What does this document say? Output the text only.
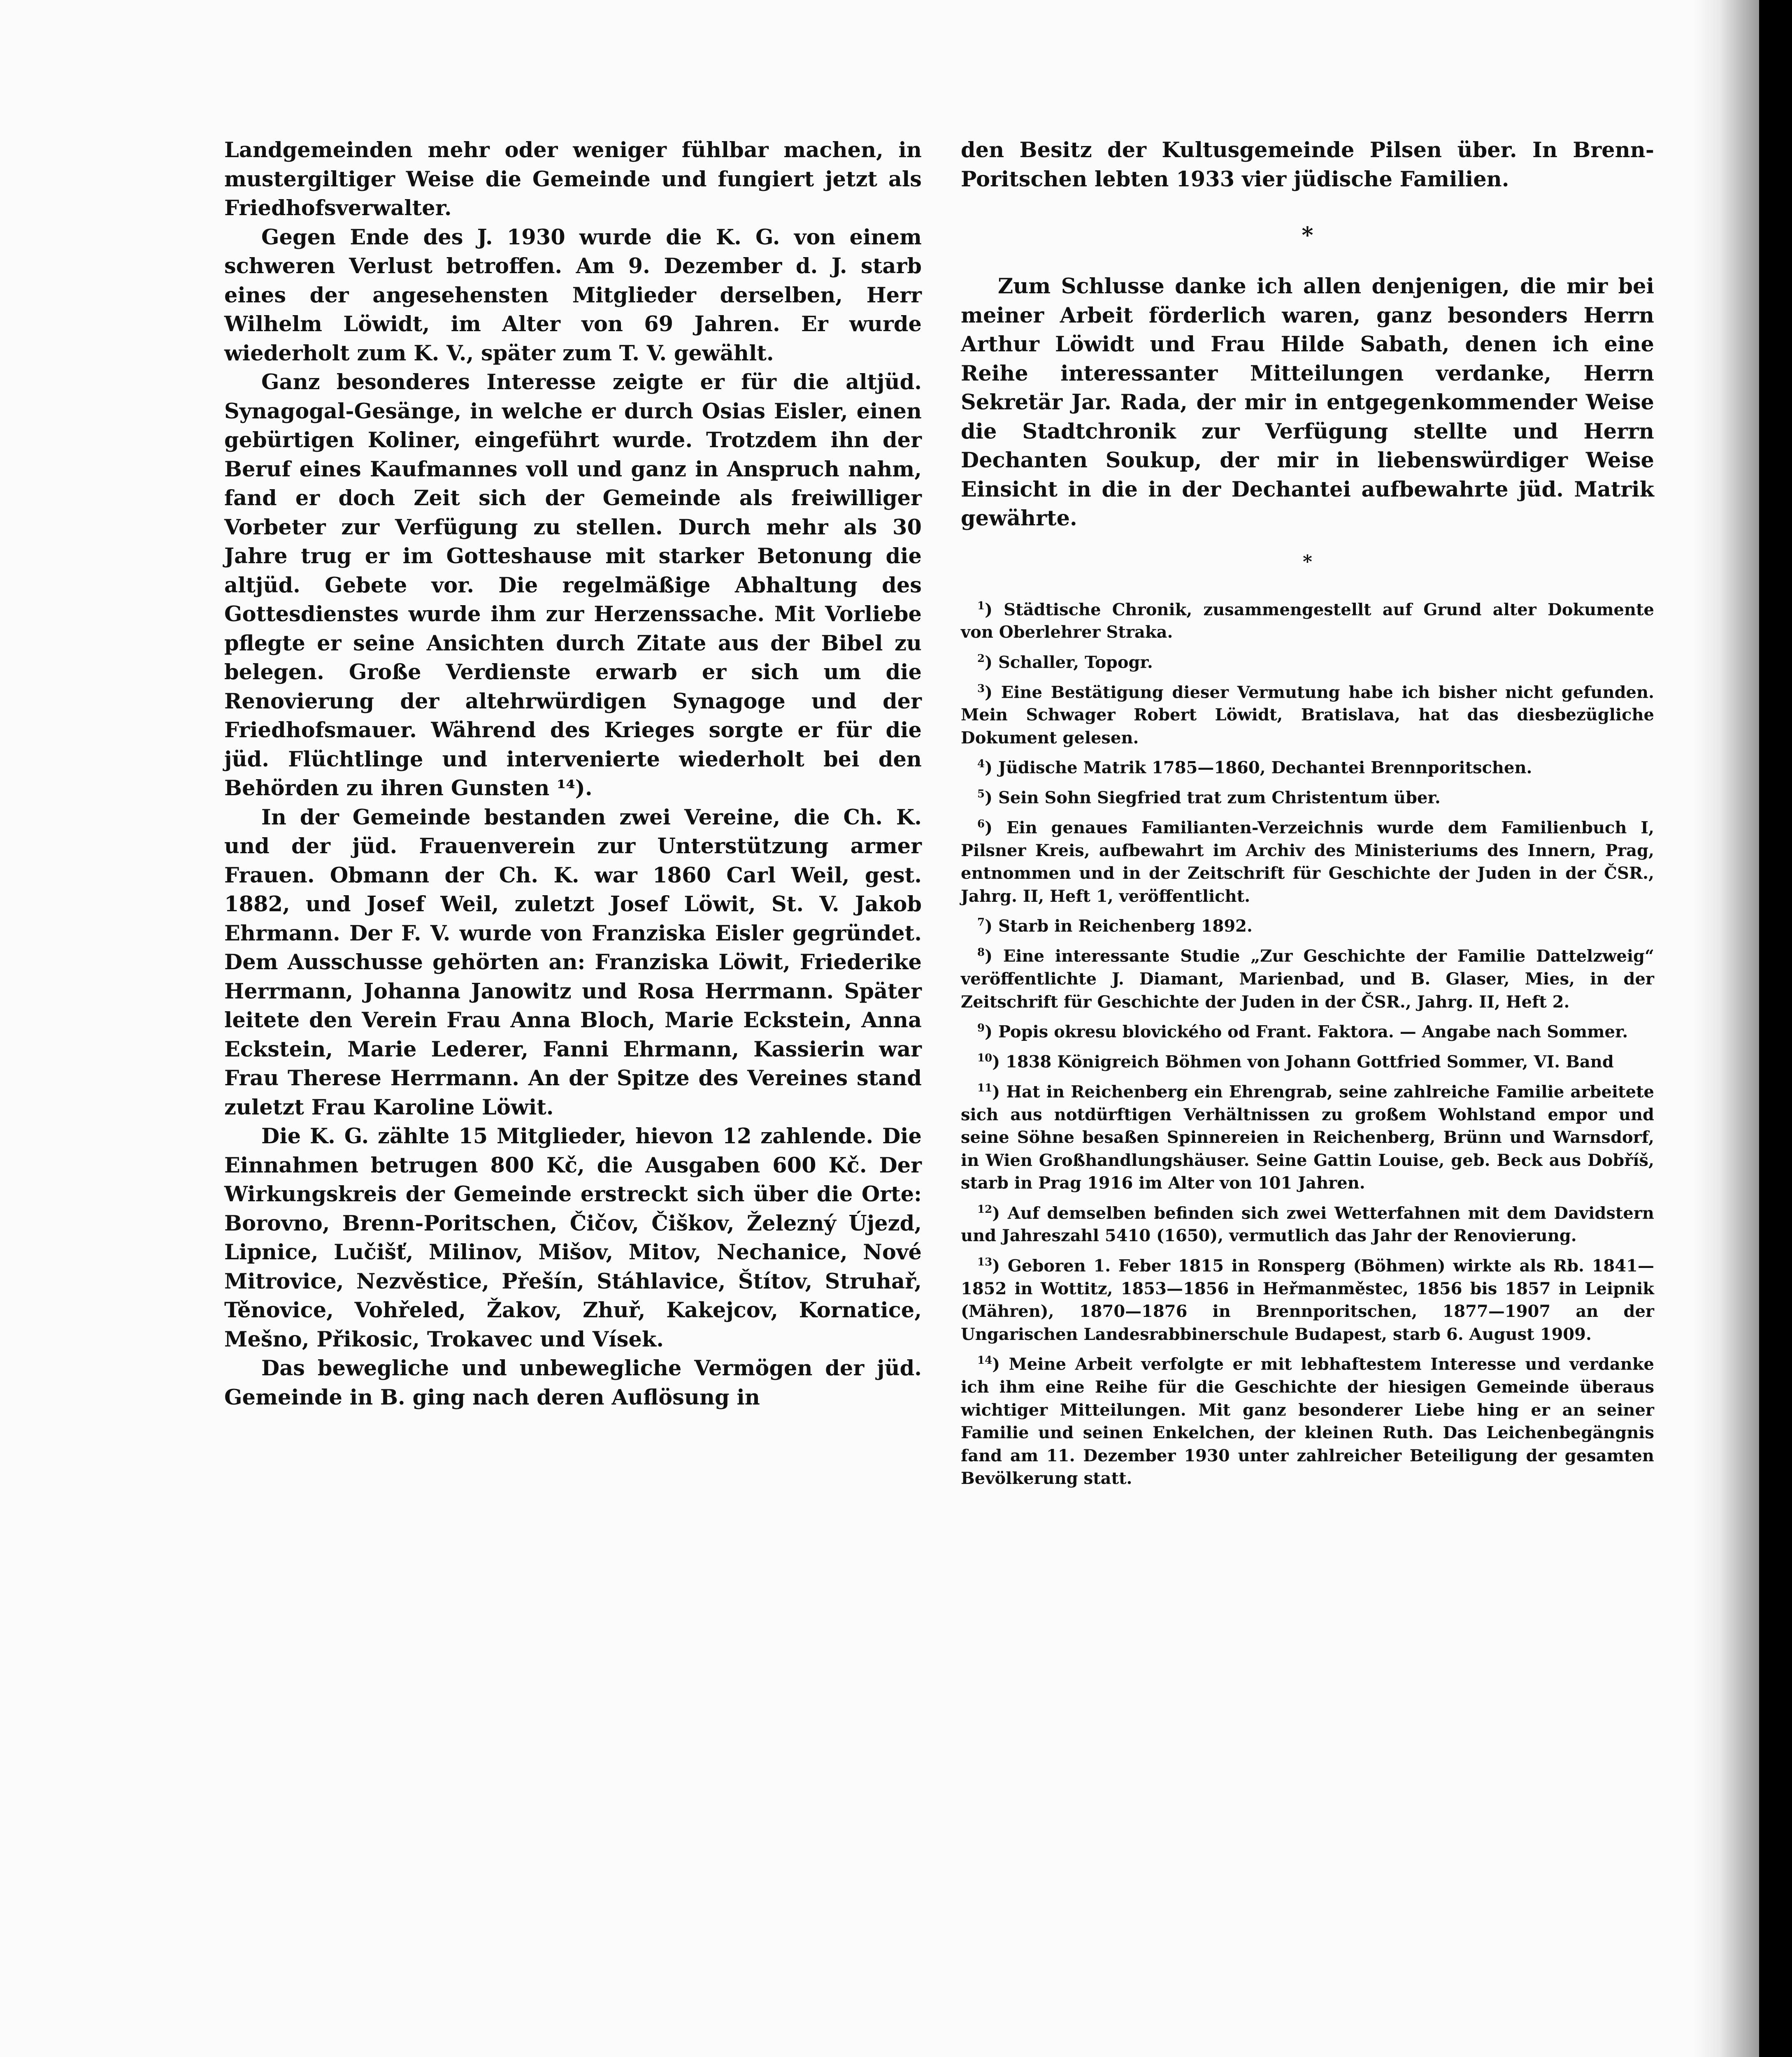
Landgemeinden mehr oder weniger fühlbar machen, in mustergiltiger Weise die Gemeinde und fungiert jetzt als Friedhofsverwalter.

Gegen Ende des J. 1930 wurde die K. G. von einem schweren Verlust betroffen. Am 9. Dezember d. J. starb eines der angesehensten Mitglieder derselben, Herr Wilhelm Löwidt, im Alter von 69 Jahren. Er wurde wiederholt zum K. V., später zum T. V. gewählt.

Ganz besonderes Interesse zeigte er für die altjüd. Synagogal-Gesänge, in welche er durch Osias Eisler, einen gebürtigen Koliner, eingeführt wurde. Trotzdem ihn der Beruf eines Kaufmannes voll und ganz in Anspruch nahm, fand er doch Zeit sich der Gemeinde als freiwilliger Vorbeter zur Verfügung zu stellen. Durch mehr als 30 Jahre trug er im Gotteshause mit starker Betonung die altjüd. Gebete vor. Die regelmäßige Abhaltung des Gottesdienstes wurde ihm zur Herzenssache. Mit Vorliebe pflegte er seine Ansichten durch Zitate aus der Bibel zu belegen. Große Verdienste erwarb er sich um die Renovierung der altehrwürdigen Synagoge und der Friedhofsmauer. Während des Krieges sorgte er für die jüd. Flüchtlinge und intervenierte wiederholt bei den Behörden zu ihren Gunsten ¹⁴).

In der Gemeinde bestanden zwei Vereine, die Ch. K. und der jüd. Frauenverein zur Unterstützung armer Frauen. Obmann der Ch. K. war 1860 Carl Weil, gest. 1882, und Josef Weil, zuletzt Josef Löwit, St. V. Jakob Ehrmann. Der F. V. wurde von Franziska Eisler gegründet. Dem Ausschusse gehörten an: Franziska Löwit, Friederike Herrmann, Johanna Janowitz und Rosa Herrmann. Später leitete den Verein Frau Anna Bloch, Marie Eckstein, Anna Eckstein, Marie Lederer, Fanni Ehrmann, Kassierin war Frau Therese Herrmann. An der Spitze des Vereines stand zuletzt Frau Karoline Löwit.

Die K. G. zählte 15 Mitglieder, hievon 12 zahlende. Die Einnahmen betrugen 800 Kč, die Ausgaben 600 Kč. Der Wirkungskreis der Gemeinde erstreckt sich über die Orte: Borovno, Brenn-Poritschen, Čičov, Čiškov, Železný Újezd, Lipnice, Lučišť, Milinov, Mišov, Mitov, Nechanice, Nové Mitrovice, Nezvěstice, Přešín, Stáhlavice, Štítov, Struhař, Těnovice, Vohřeled, Žakov, Zhuř, Kakejcov, Kornatice, Mešno, Přikosic, Trokavec und Vísek.

Das bewegliche und unbewegliche Vermögen der jüd. Gemeinde in B. ging nach deren Auflösung in

den Besitz der Kultusgemeinde Pilsen über. In Brenn-Poritschen lebten 1933 vier jüdische Familien.

*

Zum Schlusse danke ich allen denjenigen, die mir bei meiner Arbeit förderlich waren, ganz besonders Herrn Arthur Löwidt und Frau Hilde Sabath, denen ich eine Reihe interessanter Mitteilungen verdanke, Herrn Sekretär Jar. Rada, der mir in entgegenkommender Weise die Stadtchronik zur Verfügung stellte und Herrn Dechanten Soukup, der mir in liebenswürdiger Weise Einsicht in die in der Dechantei aufbewahrte jüd. Matrik gewährte.

*

$^1$) Städtische Chronik, zusammengestellt auf Grund alter Dokumente von Oberlehrer Straka.

$^2$) Schaller, Topogr.

$^3$) Eine Bestätigung dieser Vermutung habe ich bisher nicht gefunden. Mein Schwager Robert Löwidt, Bratislava, hat das diesbezügliche Dokument gelesen.

$^4$) Jüdische Matrik 1785—1860, Dechantei Brennporitschen.

$^5$) Sein Sohn Siegfried trat zum Christentum über.

$^6$) Ein genaues Familianten-Verzeichnis wurde dem Familienbuch I, Pilsner Kreis, aufbewahrt im Archiv des Ministeriums des Innern, Prag, entnommen und in der Zeitschrift für Geschichte der Juden in der ČSR., Jahrg. II, Heft 1, veröffentlicht.

$^7$) Starb in Reichenberg 1892.

$^8$) Eine interessante Studie „Zur Geschichte der Familie Dattelzweig“ veröffentlichte J. Diamant, Marienbad, und B. Glaser, Mies, in der Zeitschrift für Geschichte der Juden in der ČSR., Jahrg. II, Heft 2.

$^9$) Popis okresu blovického od Frant. Faktora. — Angabe nach Sommer.

$^{10}$) 1838 Königreich Böhmen von Johann Gottfried Sommer, VI. Band

$^{11}$) Hat in Reichenberg ein Ehrengrab, seine zahlreiche Familie arbeitete sich aus notdürftigen Verhältnissen zu großem Wohlstand empor und seine Söhne besaßen Spinnereien in Reichenberg, Brünn und Warnsdorf, in Wien Großhandlungshäuser. Seine Gattin Louise, geb. Beck aus Dobříš, starb in Prag 1916 im Alter von 101 Jahren.

$^{12}$) Auf demselben befinden sich zwei Wetterfahnen mit dem Davidstern und Jahreszahl 5410 (1650), vermutlich das Jahr der Renovierung.

$^{13}$) Geboren 1. Feber 1815 in Ronsperg (Böhmen) wirkte als Rb. 1841—1852 in Wottitz, 1853—1856 in Heřmanměstec, 1856 bis 1857 in Leipnik (Mähren), 1870—1876 in Brennporitschen, 1877—1907 an der Ungarischen Landesrabbinerschule Budapest, starb 6. August 1909.

$^{14}$) Meine Arbeit verfolgte er mit lebhaftestem Interesse und verdanke ich ihm eine Reihe für die Geschichte der hiesigen Gemeinde überaus wichtiger Mitteilungen. Mit ganz besonderer Liebe hing er an seiner Familie und seinen Enkelchen, der kleinen Ruth. Das Leichenbegängnis fand am 11. Dezember 1930 unter zahlreicher Beteiligung der gesamten Bevölkerung statt.
